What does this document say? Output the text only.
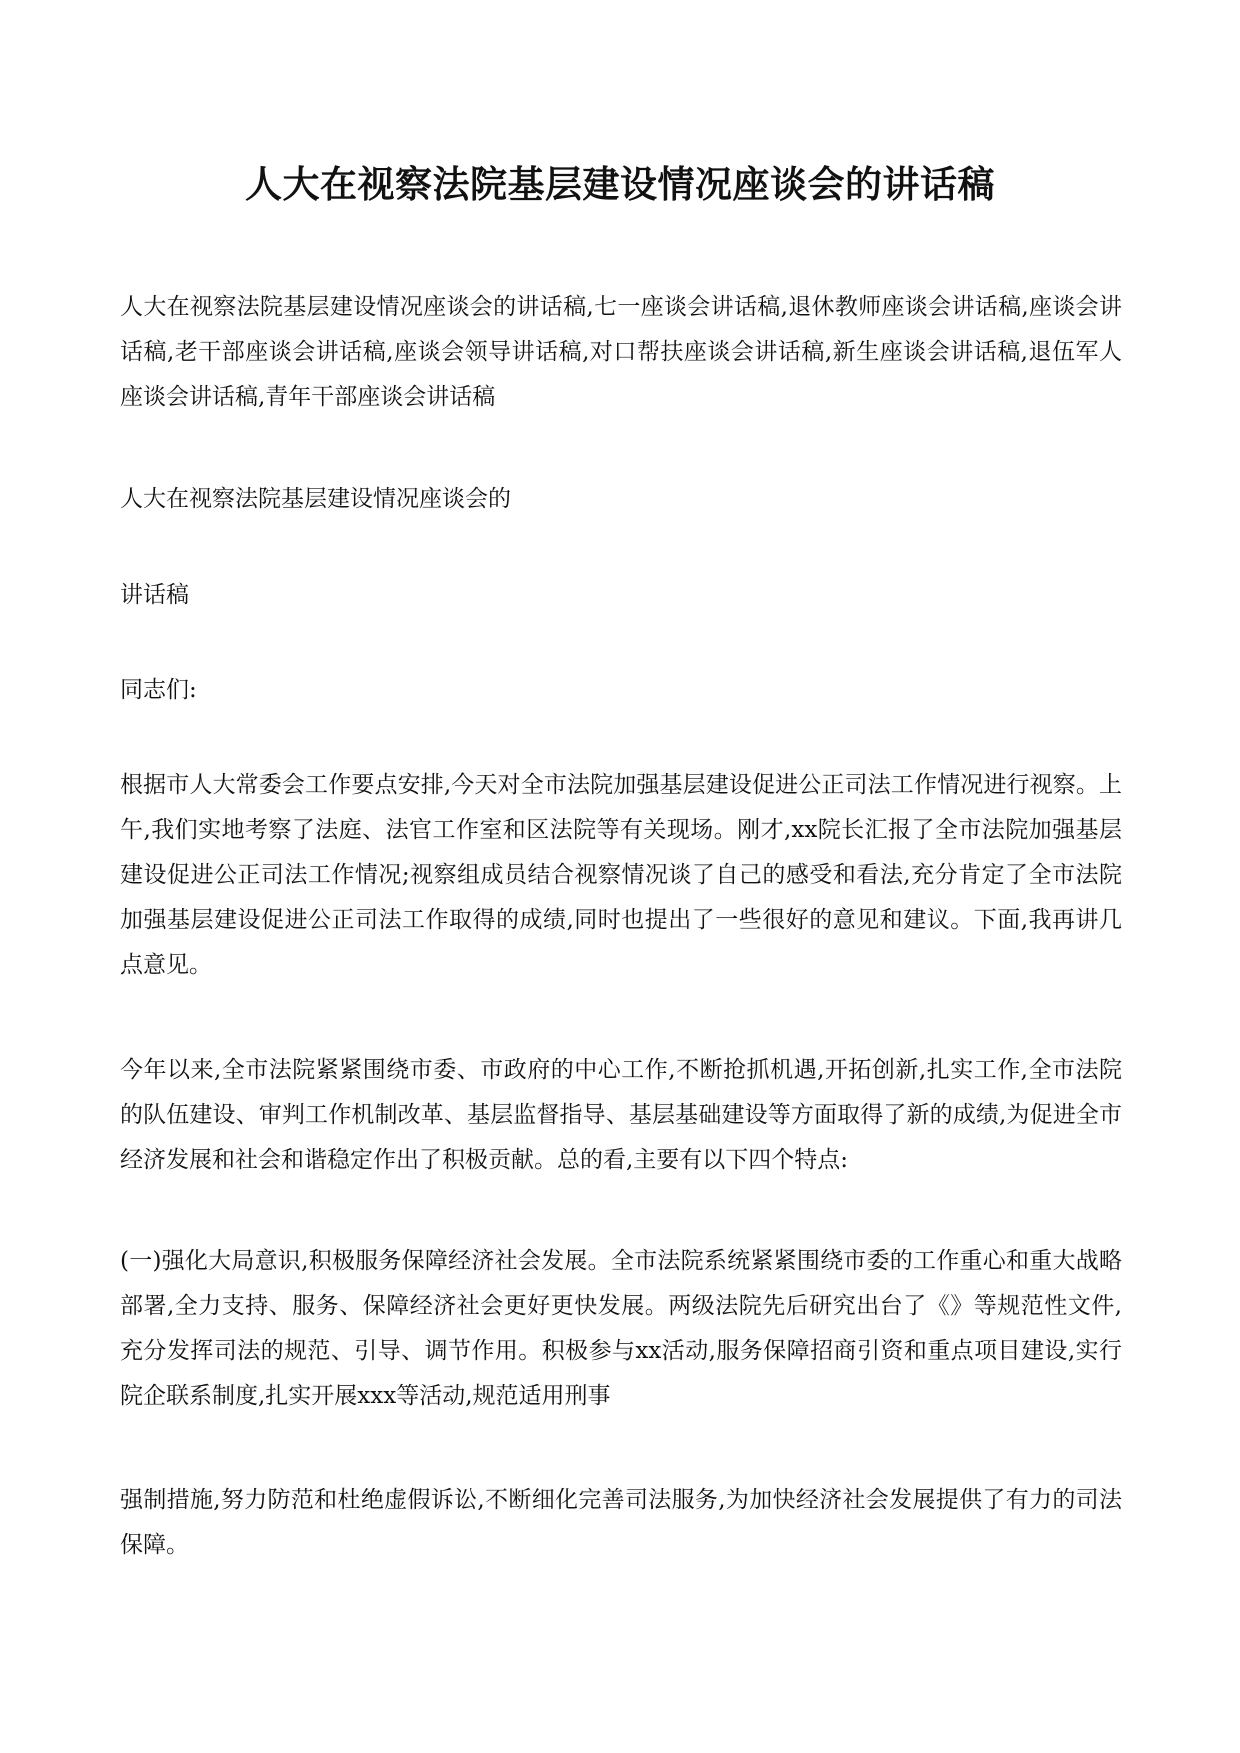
人大在视察法院基层建设情况座谈会的讲话稿

人大在视察法院基层建设情况座谈会的讲话稿,七一座谈会讲话稿,退休教师座谈会讲话稿,座谈会讲话稿,老干部座谈会讲话稿,座谈会领导讲话稿,对口帮扶座谈会讲话稿,新生座谈会讲话稿,退伍军人座谈会讲话稿,青年干部座谈会讲话稿

人大在视察法院基层建设情况座谈会的

讲话稿

同志们:

根据市人大常委会工作要点安排,今天对全市法院加强基层建设促进公正司法工作情况进行视察。上午,我们实地考察了法庭、法官工作室和区法院等有关现场。刚才,xx院长汇报了全市法院加强基层建设促进公正司法工作情况;视察组成员结合视察情况谈了自己的感受和看法,充分肯定了全市法院加强基层建设促进公正司法工作取得的成绩,同时也提出了一些很好的意见和建议。下面,我再讲几点意见。

今年以来,全市法院紧紧围绕市委、市政府的中心工作,不断抢抓机遇,开拓创新,扎实工作,全市法院的队伍建设、审判工作机制改革、基层监督指导、基层基础建设等方面取得了新的成绩,为促进全市经济发展和社会和谐稳定作出了积极贡献。总的看,主要有以下四个特点:

(一)强化大局意识,积极服务保障经济社会发展。全市法院系统紧紧围绕市委的工作重心和重大战略部署,全力支持、服务、保障经济社会更好更快发展。两级法院先后研究出台了《》等规范性文件,充分发挥司法的规范、引导、调节作用。积极参与xx活动,服务保障招商引资和重点项目建设,实行院企联系制度,扎实开展xxx等活动,规范适用刑事

强制措施,努力防范和杜绝虚假诉讼,不断细化完善司法服务,为加快经济社会发展提供了有力的司法保障。
